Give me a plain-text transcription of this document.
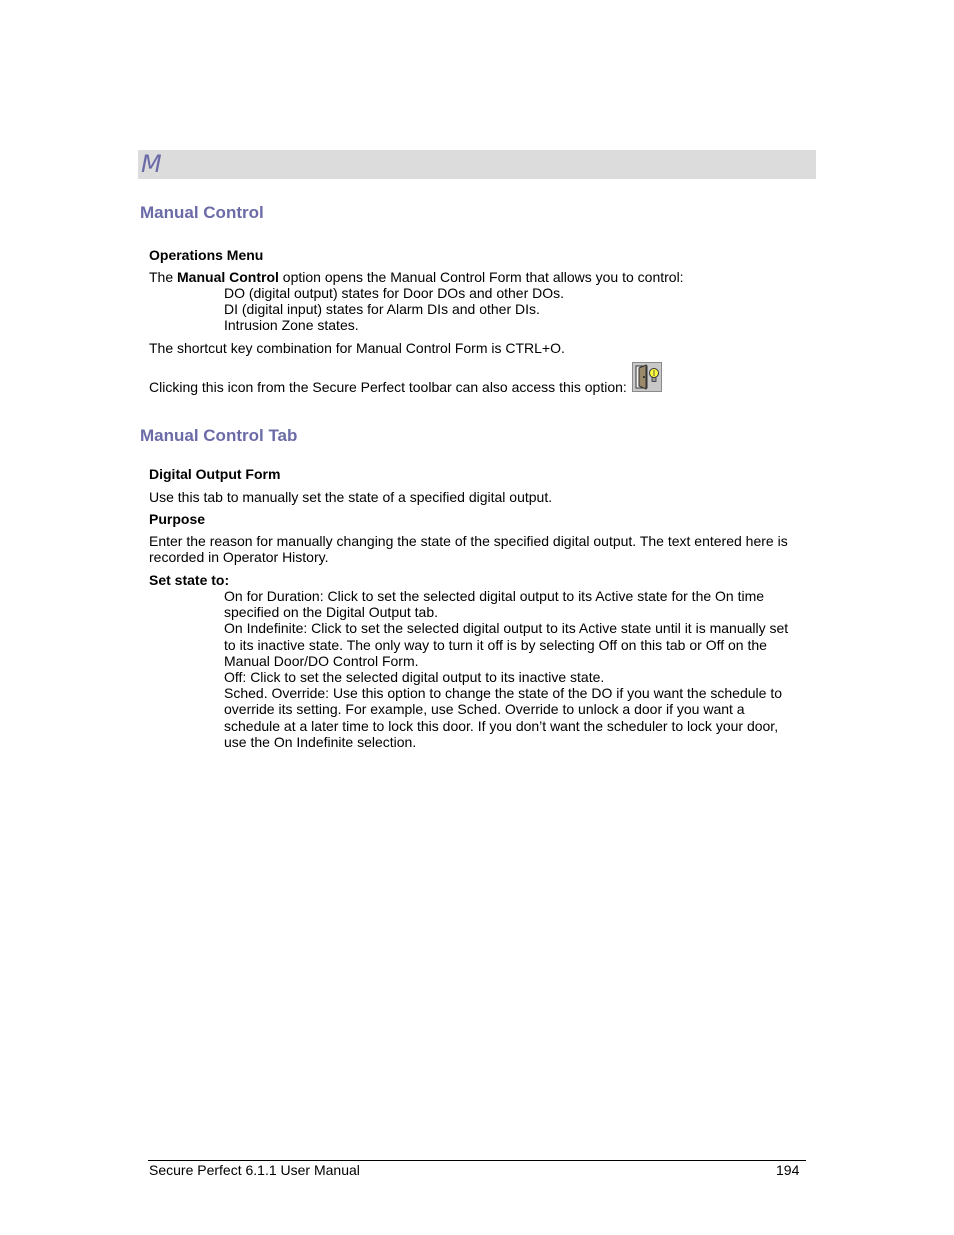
M
Manual Control
Operations Menu
The Manual Control option opens the Manual Control Form that allows you to control:
DO (digital output) states for Door DOs and other DOs.
DI (digital input) states for Alarm DIs and other DIs.
Intrusion Zone states.
The shortcut key combination for Manual Control Form is CTRL+O.
Clicking this icon from the Secure Perfect toolbar can also access this option:
Manual Control Tab
Digital Output Form
Use this tab to manually set the state of a specified digital output.
Purpose
Enter the reason for manually changing the state of the specified digital output. The text entered here is
recorded in Operator History.
Set state to:
On for Duration: Click to set the selected digital output to its Active state for the On time
specified on the Digital Output tab.
On Indefinite: Click to set the selected digital output to its Active state until it is manually set
to its inactive state. The only way to turn it off is by selecting Off on this tab or Off on the
Manual Door/DO Control Form.
Off: Click to set the selected digital output to its inactive state.
Sched. Override: Use this option to change the state of the DO if you want the schedule to
override its setting. For example, use Sched. Override to unlock a door if you want a
schedule at a later time to lock this door. If you don’t want the scheduler to lock your door,
use the On Indefinite selection.
Secure Perfect 6.1.1 User Manual	194
